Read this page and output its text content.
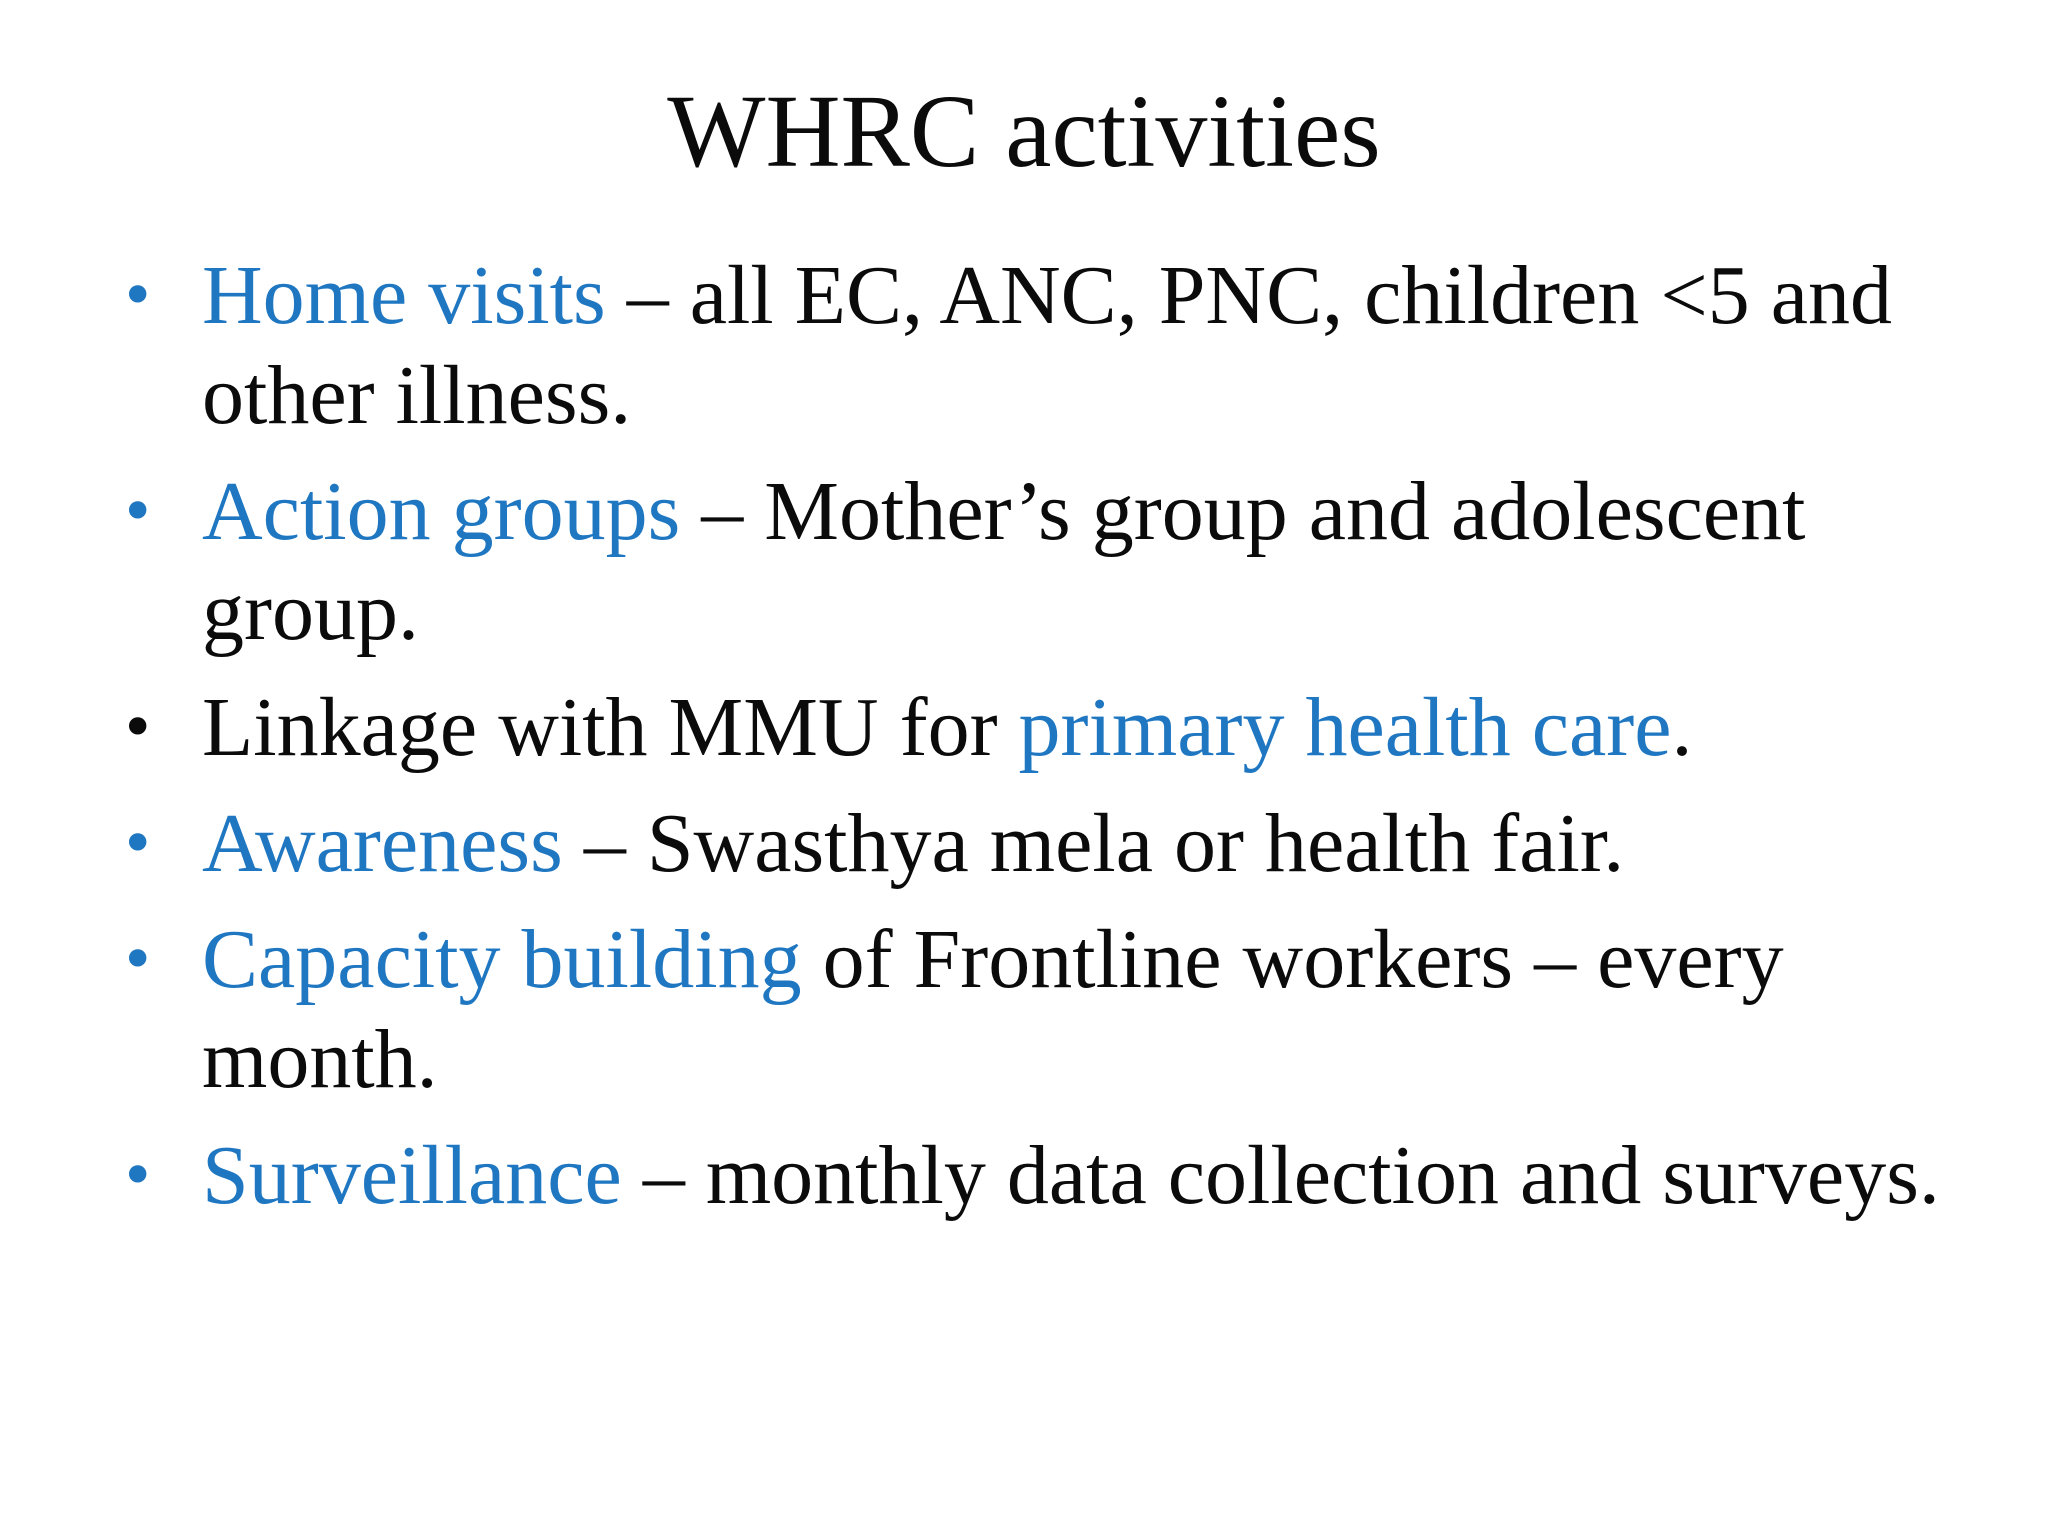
WHRC activities
• Home visits – all EC, ANC, PNC, children <5 and other illness.
• Action groups – Mother’s group and adolescent group.
• Linkage with MMU for primary health care.
• Awareness – Swasthya mela or health fair.
• Capacity building of Frontline workers – every month.
• Surveillance – monthly data collection and surveys.
